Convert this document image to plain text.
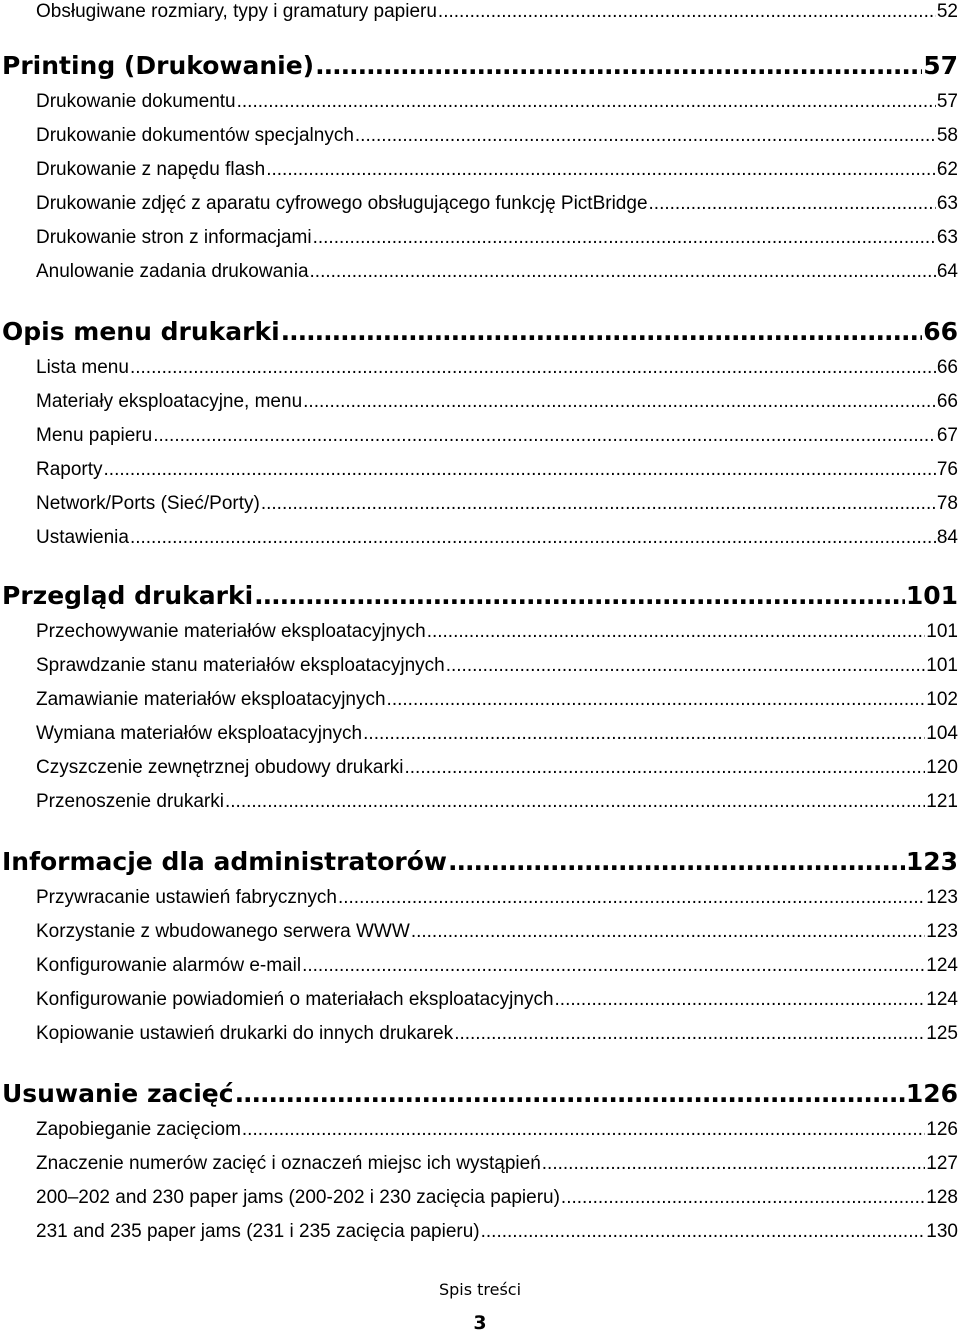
Obsługiwane rozmiary, typy i gramatury papieru .....	52
Printing (Drukowanie) .....	57
Drukowanie dokumentu .....	57
Drukowanie dokumentów specjalnych .....	58
Drukowanie z napędu flash .....	62
Drukowanie zdjęć z aparatu cyfrowego obsługującego funkcję PictBridge .....	63
Drukowanie stron z informacjami .....	63
Anulowanie zadania drukowania .....	64
Opis menu drukarki .....	66
Lista menu .....	66
Materiały eksploatacyjne, menu .....	66
Menu papieru .....	67
Raporty .....	76
Network/Ports (Sieć/Porty) .....	78
Ustawienia .....	84
Przegląd drukarki .....	101
Przechowywanie materiałów eksploatacyjnych .....	101
Sprawdzanie stanu materiałów eksploatacyjnych .....	101
Zamawianie materiałów eksploatacyjnych .....	102
Wymiana materiałów eksploatacyjnych .....	104
Czyszczenie zewnętrznej obudowy drukarki .....	120
Przenoszenie drukarki .....	121
Informacje dla administratorów .....	123
Przywracanie ustawień fabrycznych .....	123
Korzystanie z wbudowanego serwera WWW .....	123
Konfigurowanie alarmów e-mail .....	124
Konfigurowanie powiadomień o materiałach eksploatacyjnych .....	124
Kopiowanie ustawień drukarki do innych drukarek .....	125
Usuwanie zacięć .....	126
Zapobieganie zacięciom .....	126
Znaczenie numerów zacięć i oznaczeń miejsc ich wystąpień .....	127
200–202 and 230 paper jams (200-202 i 230 zacięcia papieru) .....	128
231 and 235 paper jams (231 i 235 zacięcia papieru) .....	130
Spis treści
3
